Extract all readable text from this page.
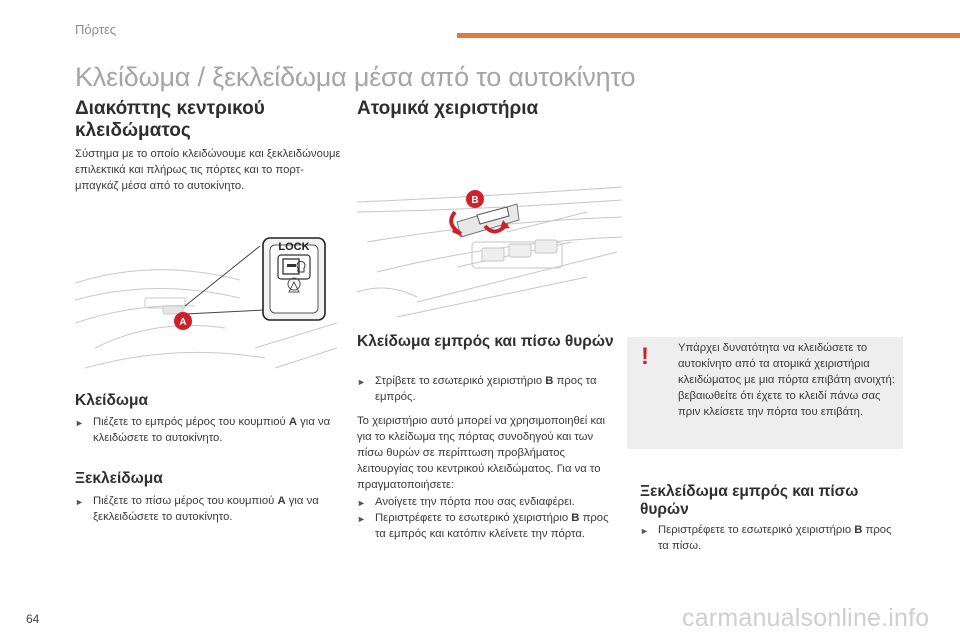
Πόρτες
Κλείδωμα / ξεκλείδωμα μέσα από το αυτοκίνητο
Διακόπτης κεντρικού κλειδώματος
Σύστημα με το οποίο κλειδώνουμε και ξεκλειδώνουμε επιλεκτικά και πλήρως τις πόρτες και το πορτ-μπαγκάζ μέσα από το αυτοκίνητο.
LOCK
A
Κλείδωμα
► Πιέζετε το εμπρός μέρος του κουμπιού A για να κλειδώσετε το αυτοκίνητο.
Ξεκλείδωμα
► Πιέζετε το πίσω μέρος του κουμπιού A για να ξεκλειδώσετε το αυτοκίνητο.
Ατομικά χειριστήρια
B
Κλείδωμα εμπρός και πίσω θυρών
► Στρίβετε το εσωτερικό χειριστήριο B προς τα εμπρός.
Το χειριστήριο αυτό μπορεί να χρησιμοποιηθεί και για το κλείδωμα της πόρτας συνοδηγού και των πίσω θυρών σε περίπτωση προβλήματος λειτουργίας του κεντρικού κλειδώματος. Για να το πραγματοποιήσετε:
► Ανοίγετε την πόρτα που σας ενδιαφέρει.
► Περιστρέφετε το εσωτερικό χειριστήριο B προς τα εμπρός και κατόπιν κλείνετε την πόρτα.
!	Υπάρχει δυνατότητα να κλειδώσετε το αυτοκίνητο από τα ατομικά χειριστήρια κλειδώματος με μια πόρτα επιβάτη ανοιχτή: βεβαιωθείτε ότι έχετε το κλειδί πάνω σας πριν κλείσετε την πόρτα του επιβάτη.
Ξεκλείδωμα εμπρός και πίσω θυρών
► Περιστρέφετε το εσωτερικό χειριστήριο B προς τα πίσω.
64	carmanualsonline.info
